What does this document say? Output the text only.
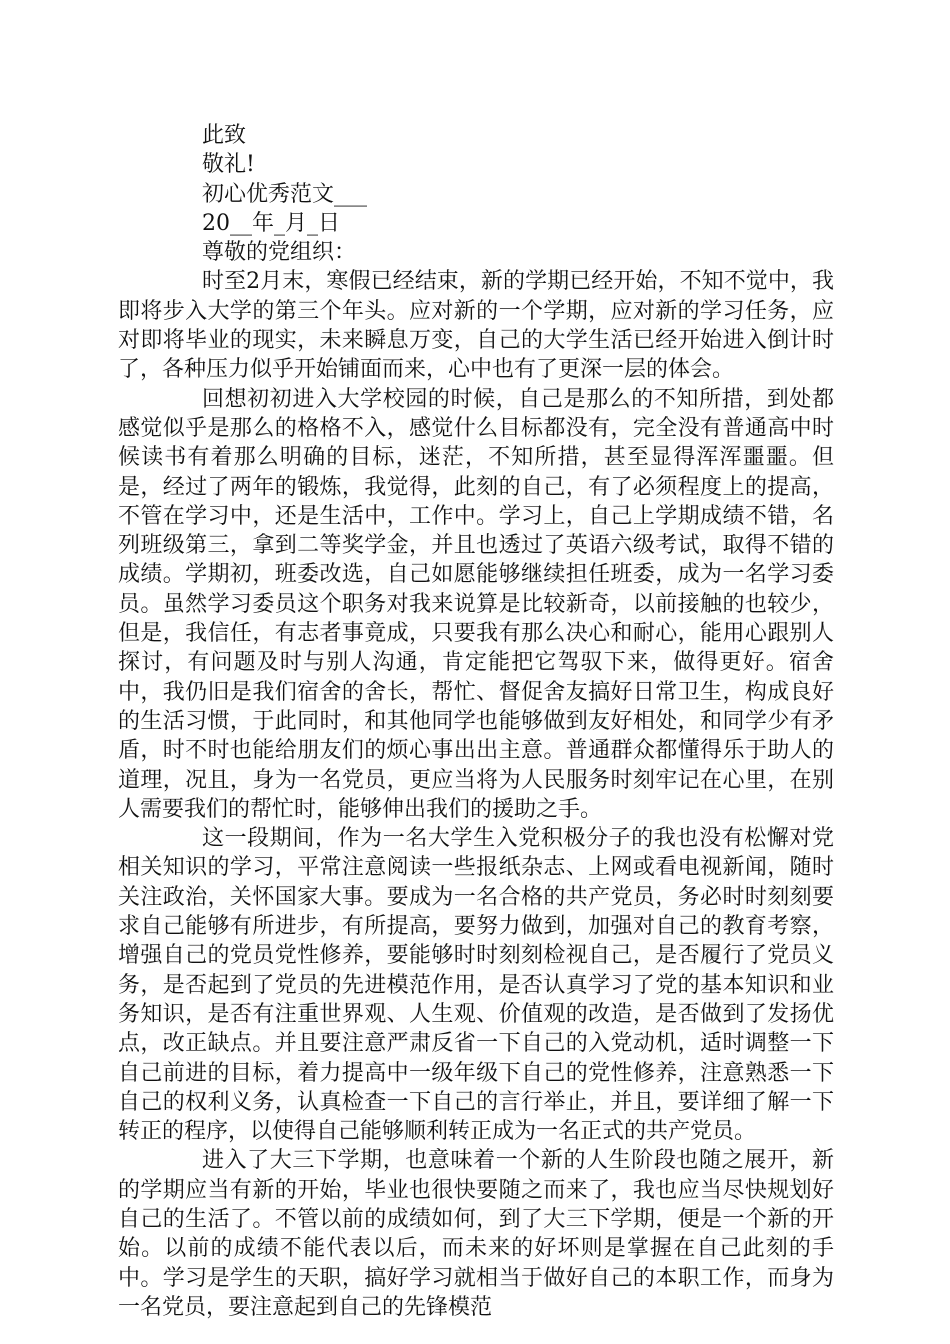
此致

敬礼!

初心优秀范文___

20__年_月_日

尊敬的党组织：

时至2月末，寒假已经结束，新的学期已经开始，不知不觉中，我即将步入大学的第三个年头。应对新的一个学期，应对新的学习任务，应对即将毕业的现实，未来瞬息万变，自己的大学生活已经开始进入倒计时了，各种压力似乎开始铺面而来，心中也有了更深一层的体会。

回想初初进入大学校园的时候，自己是那么的不知所措，到处都感觉似乎是那么的格格不入，感觉什么目标都没有，完全没有普通高中时候读书有着那么明确的目标，迷茫，不知所措，甚至显得浑浑噩噩。但是，经过了两年的锻炼，我觉得，此刻的自己，有了必须程度上的提高，不管在学习中，还是生活中，工作中。学习上，自己上学期成绩不错，名列班级第三，拿到二等奖学金，并且也透过了英语六级考试，取得不错的成绩。学期初，班委改选，自己如愿能够继续担任班委，成为一名学习委员。虽然学习委员这个职务对我来说算是比较新奇，以前接触的也较少，但是，我信任，有志者事竟成，只要我有那么决心和耐心，能用心跟别人探讨，有问题及时与别人沟通，肯定能把它驾驭下来，做得更好。宿舍中，我仍旧是我们宿舍的舍长，帮忙、督促舍友搞好日常卫生，构成良好的生活习惯，于此同时，和其他同学也能够做到友好相处，和同学少有矛盾，时不时也能给朋友们的烦心事出出主意。普通群众都懂得乐于助人的道理，况且，身为一名党员，更应当将为人民服务时刻牢记在心里，在别人需要我们的帮忙时，能够伸出我们的援助之手。

这一段期间，作为一名大学生入党积极分子的我也没有松懈对党相关知识的学习，平常注意阅读一些报纸杂志、上网或看电视新闻，随时关注政治，关怀国家大事。要成为一名合格的共产党员，务必时时刻刻要求自己能够有所进步，有所提高，要努力做到，加强对自己的教育考察，增强自己的党员党性修养，要能够时时刻刻检视自己，是否履行了党员义务，是否起到了党员的先进模范作用，是否认真学习了党的基本知识和业务知识，是否有注重世界观、人生观、价值观的改造，是否做到了发扬优点，改正缺点。并且要注意严肃反省一下自己的入党动机，适时调整一下自己前进的目标，着力提高中一级年级下自己的党性修养，注意熟悉一下自己的权利义务，认真检查一下自己的言行举止，并且，要详细了解一下转正的程序，以使得自己能够顺利转正成为一名正式的共产党员。

进入了大三下学期，也意味着一个新的人生阶段也随之展开，新的学期应当有新的开始，毕业也很快要随之而来了，我也应当尽快规划好自己的生活了。不管以前的成绩如何，到了大三下学期，便是一个新的开始。以前的成绩不能代表以后，而未来的好坏则是掌握在自己此刻的手中。学习是学生的天职，搞好学习就相当于做好自己的本职工作，而身为一名党员，要注意起到自己的先锋模范
